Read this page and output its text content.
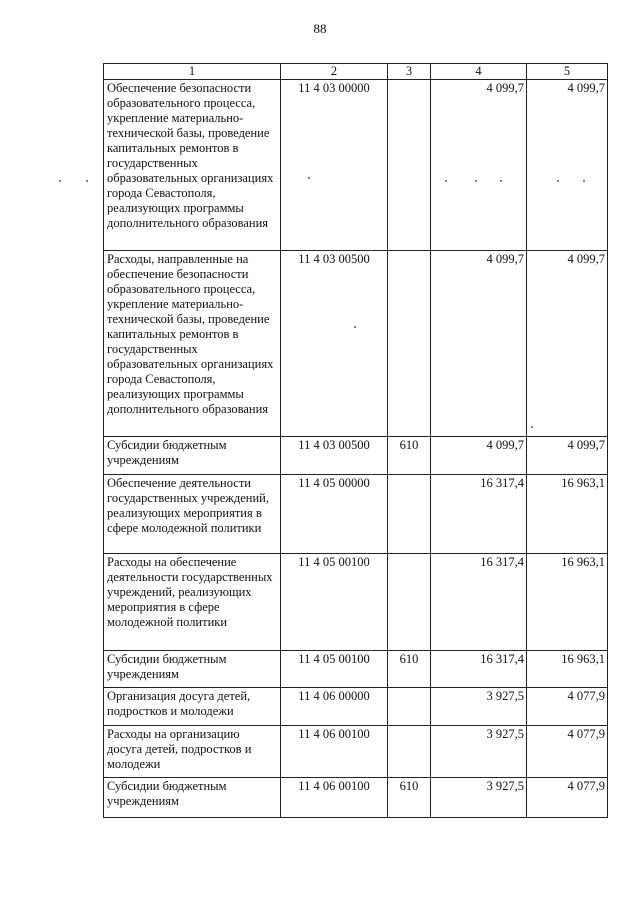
88
1	2	3	4	5
Обеспечение безопасности образовательного процесса, укрепление материально-технической базы, проведение капитальных ремонтов в государственных образовательных организациях города Севастополя, реализующих программы дополнительного образования	11 4 03 00000		4 099,7	4 099,7
Расходы, направленные на обеспечение безопасности образовательного процесса, укрепление материально-технической базы, проведение капитальных ремонтов в государственных образовательных организациях города Севастополя, реализующих программы дополнительного образования	11 4 03 00500		4 099,7	4 099,7
Субсидии бюджетным учреждениям	11 4 03 00500	610	4 099,7	4 099,7
Обеспечение деятельности государственных учреждений, реализующих мероприятия в сфере молодежной политики	11 4 05 00000		16 317,4	16 963,1
Расходы на обеспечение деятельности государственных учреждений, реализующих мероприятия в сфере молодежной политики	11 4 05 00100		16 317,4	16 963,1
Субсидии бюджетным учреждениям	11 4 05 00100	610	16 317,4	16 963,1
Организация досуга детей, подростков и молодежи	11 4 06 00000		3 927,5	4 077,9
Расходы на организацию досуга детей, подростков и молодежи	11 4 06 00100		3 927,5	4 077,9
Субсидии бюджетным учреждениям	11 4 06 00100	610	3 927,5	4 077,9
